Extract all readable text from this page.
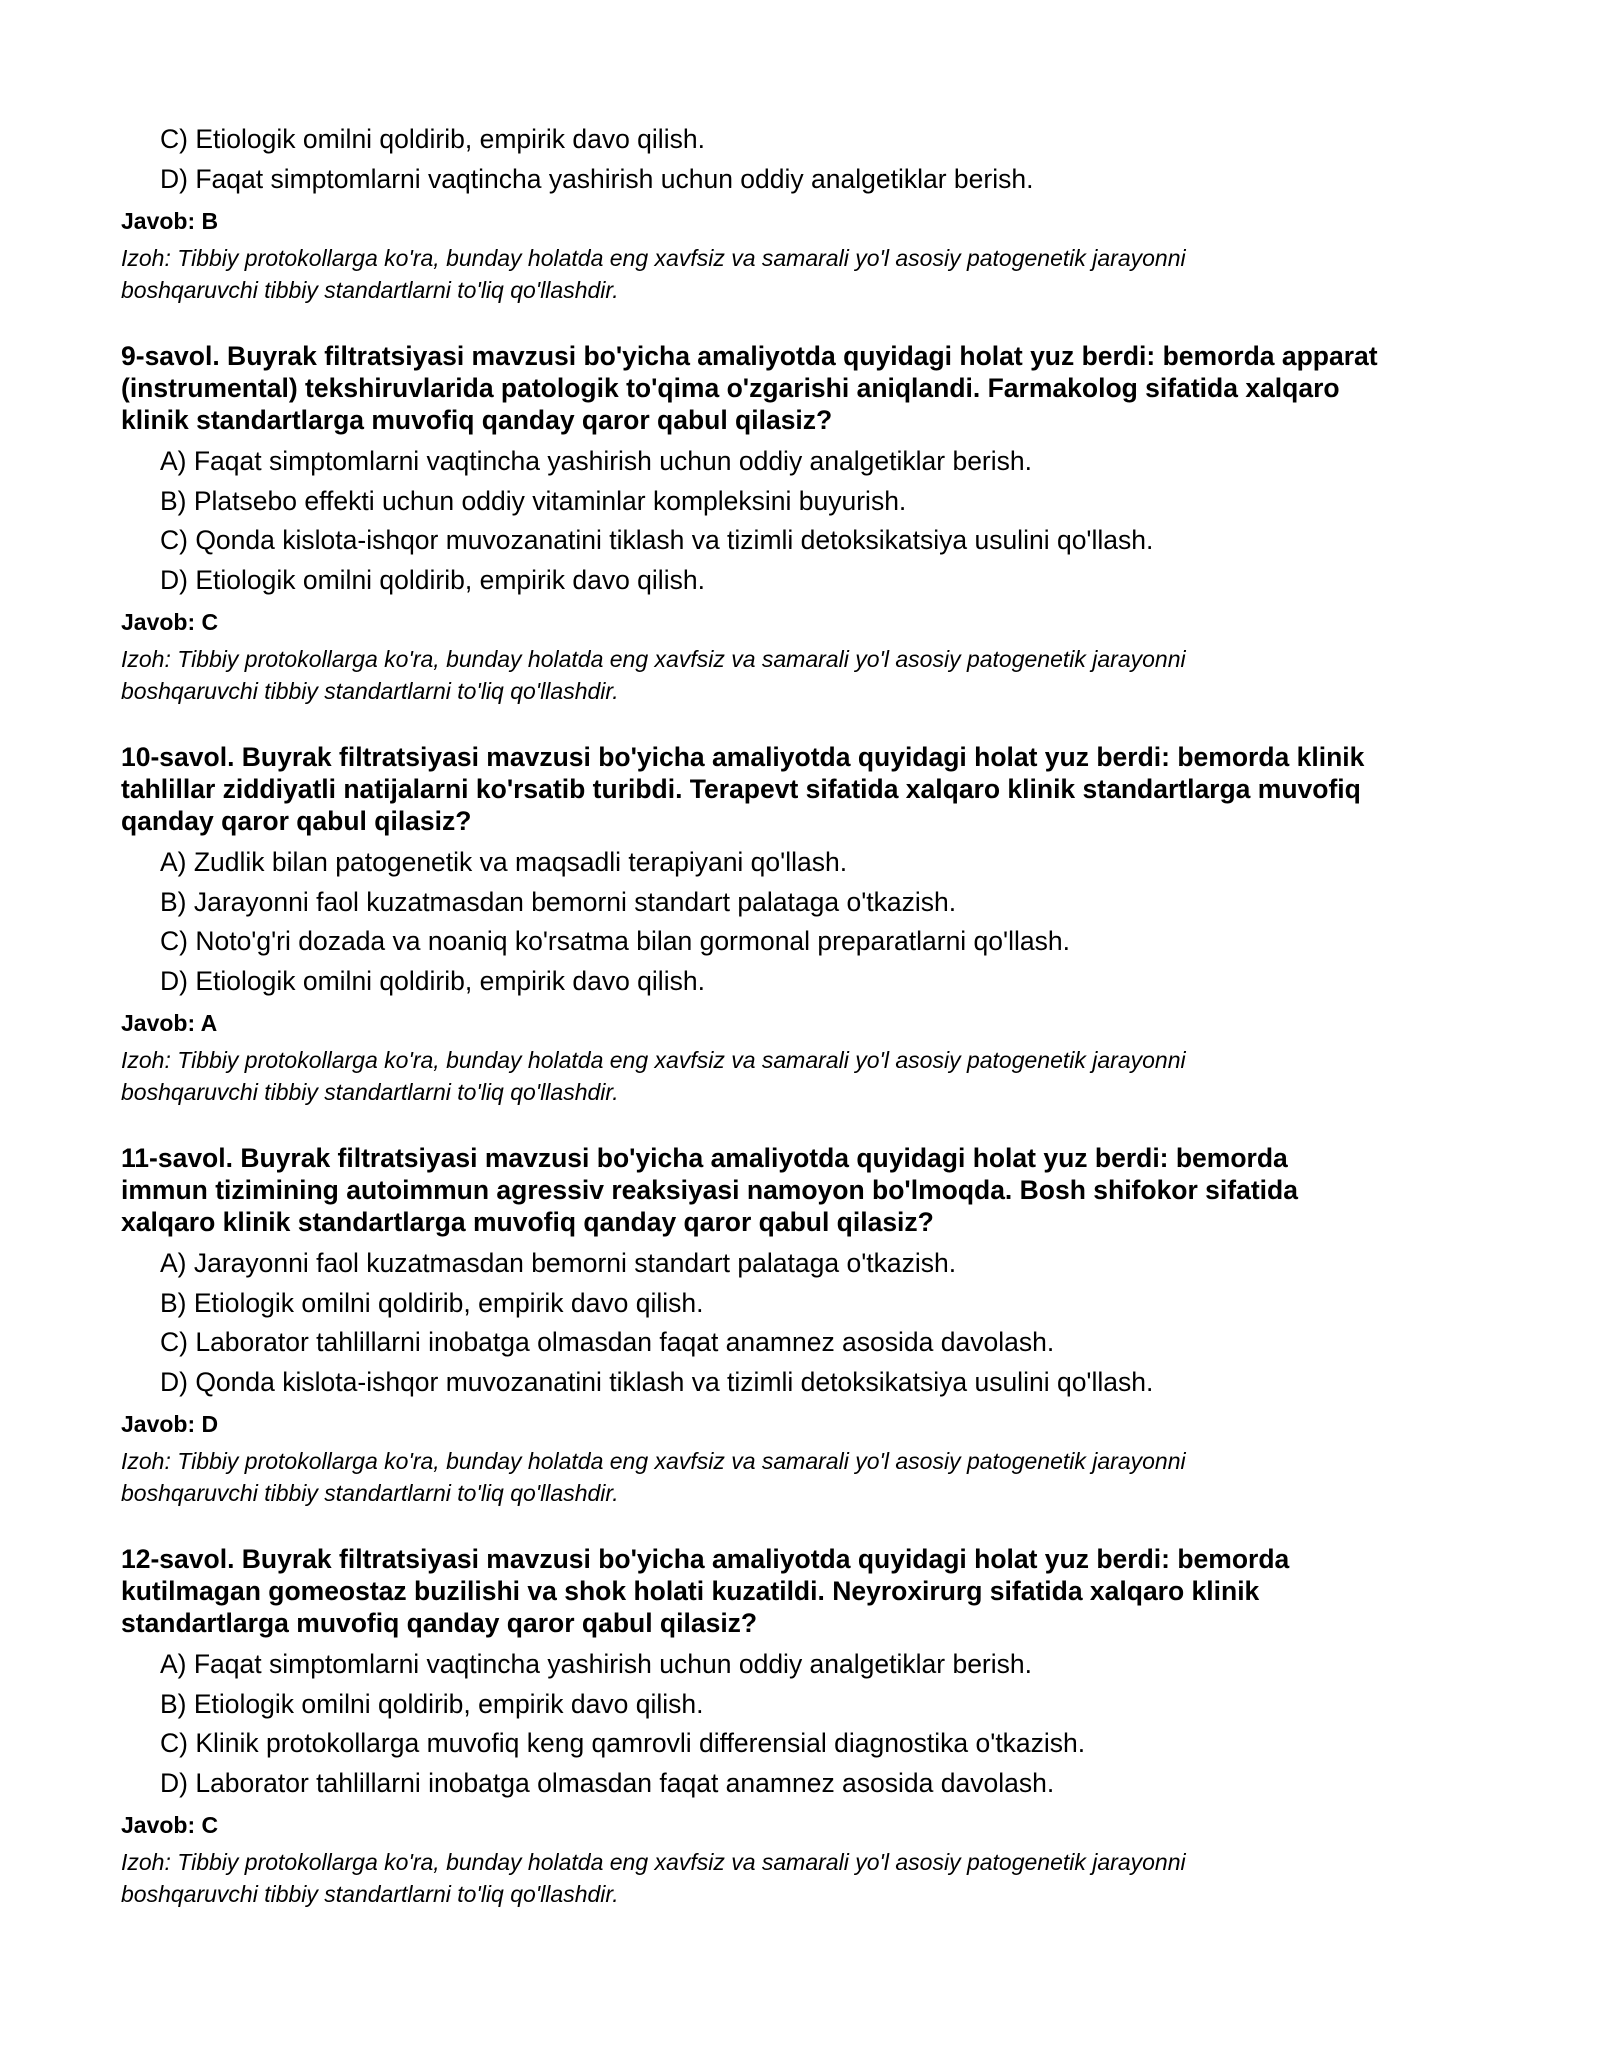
C) Etiologik omilni qoldirib, empirik davo qilish.
D) Faqat simptomlarni vaqtincha yashirish uchun oddiy analgetiklar berish.
Javob: B
Izoh: Tibbiy protokollarga ko'ra, bunday holatda eng xavfsiz va samarali yo'l asosiy patogenetik jarayonni
boshqaruvchi tibbiy standartlarni to'liq qo'llashdir.
9-savol. Buyrak filtratsiyasi mavzusi bo'yicha amaliyotda quyidagi holat yuz berdi: bemorda apparat
(instrumental) tekshiruvlarida patologik to'qima o'zgarishi aniqlandi. Farmakolog sifatida xalqaro
klinik standartlarga muvofiq qanday qaror qabul qilasiz?
A) Faqat simptomlarni vaqtincha yashirish uchun oddiy analgetiklar berish.
B) Platsebo effekti uchun oddiy vitaminlar kompleksini buyurish.
C) Qonda kislota-ishqor muvozanatini tiklash va tizimli detoksikatsiya usulini qo'llash.
D) Etiologik omilni qoldirib, empirik davo qilish.
Javob: C
Izoh: Tibbiy protokollarga ko'ra, bunday holatda eng xavfsiz va samarali yo'l asosiy patogenetik jarayonni
boshqaruvchi tibbiy standartlarni to'liq qo'llashdir.
10-savol. Buyrak filtratsiyasi mavzusi bo'yicha amaliyotda quyidagi holat yuz berdi: bemorda klinik
tahlillar ziddiyatli natijalarni ko'rsatib turibdi. Terapevt sifatida xalqaro klinik standartlarga muvofiq
qanday qaror qabul qilasiz?
A) Zudlik bilan patogenetik va maqsadli terapiyani qo'llash.
B) Jarayonni faol kuzatmasdan bemorni standart palataga o'tkazish.
C) Noto'g'ri dozada va noaniq ko'rsatma bilan gormonal preparatlarni qo'llash.
D) Etiologik omilni qoldirib, empirik davo qilish.
Javob: A
Izoh: Tibbiy protokollarga ko'ra, bunday holatda eng xavfsiz va samarali yo'l asosiy patogenetik jarayonni
boshqaruvchi tibbiy standartlarni to'liq qo'llashdir.
11-savol. Buyrak filtratsiyasi mavzusi bo'yicha amaliyotda quyidagi holat yuz berdi: bemorda
immun tizimining autoimmun agressiv reaksiyasi namoyon bo'lmoqda. Bosh shifokor sifatida
xalqaro klinik standartlarga muvofiq qanday qaror qabul qilasiz?
A) Jarayonni faol kuzatmasdan bemorni standart palataga o'tkazish.
B) Etiologik omilni qoldirib, empirik davo qilish.
C) Laborator tahlillarni inobatga olmasdan faqat anamnez asosida davolash.
D) Qonda kislota-ishqor muvozanatini tiklash va tizimli detoksikatsiya usulini qo'llash.
Javob: D
Izoh: Tibbiy protokollarga ko'ra, bunday holatda eng xavfsiz va samarali yo'l asosiy patogenetik jarayonni
boshqaruvchi tibbiy standartlarni to'liq qo'llashdir.
12-savol. Buyrak filtratsiyasi mavzusi bo'yicha amaliyotda quyidagi holat yuz berdi: bemorda
kutilmagan gomeostaz buzilishi va shok holati kuzatildi. Neyroxirurg sifatida xalqaro klinik
standartlarga muvofiq qanday qaror qabul qilasiz?
A) Faqat simptomlarni vaqtincha yashirish uchun oddiy analgetiklar berish.
B) Etiologik omilni qoldirib, empirik davo qilish.
C) Klinik protokollarga muvofiq keng qamrovli differensial diagnostika o'tkazish.
D) Laborator tahlillarni inobatga olmasdan faqat anamnez asosida davolash.
Javob: C
Izoh: Tibbiy protokollarga ko'ra, bunday holatda eng xavfsiz va samarali yo'l asosiy patogenetik jarayonni
boshqaruvchi tibbiy standartlarni to'liq qo'llashdir.
